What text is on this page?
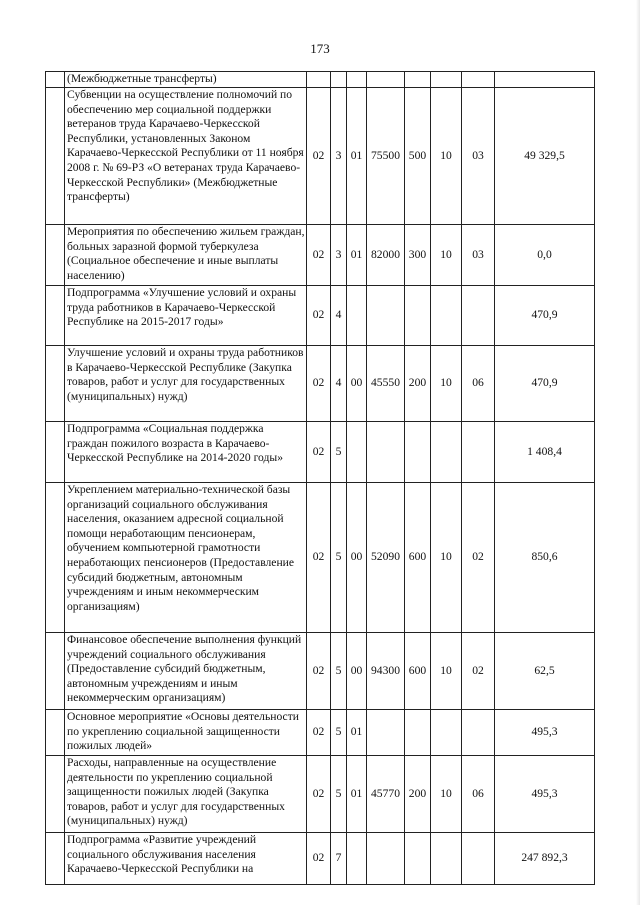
173
	(Межбюджетные трансферты)								
	Субвенции на осуществление полномочий по обеспечению мер социальной поддержки ветеранов труда Карачаево-Черкесской Республики, установленных Законом Карачаево-Черкесской Республики от 11 ноября 2008 г. № 69-РЗ «О ветеранах труда Карачаево-Черкесской Республики» (Межбюджетные трансферты)	02	3	01	75500	500	10	03	49 329,5
	Мероприятия по обеспечению жильем граждан, больных заразной формой туберкулеза (Социальное обеспечение и иные выплаты населению)	02	3	01	82000	300	10	03	0,0
	Подпрограмма «Улучшение условий и охраны труда работников в Карачаево-Черкесской Республике на 2015-2017 годы»	02	4						470,9
	Улучшение условий и охраны труда работников в Карачаево-Черкесской Республике (Закупка товаров, работ и услуг для государственных (муниципальных) нужд)	02	4	00	45550	200	10	06	470,9
	Подпрограмма «Социальная поддержка граждан пожилого возраста в Карачаево-Черкесской Республике на 2014-2020 годы»	02	5						1 408,4
	Укреплением материально-технической базы организаций социального обслуживания населения, оказанием адресной социальной помощи неработающим пенсионерам, обучением компьютерной грамотности неработающих пенсионеров (Предоставление субсидий бюджетным, автономным учреждениям и иным некоммерческим организациям)	02	5	00	52090	600	10	02	850,6
	Финансовое обеспечение выполнения функций учреждений социального обслуживания (Предоставление субсидий бюджетным, автономным учреждениям и иным некоммерческим организациям)	02	5	00	94300	600	10	02	62,5
	Основное мероприятие «Основы деятельности по укреплению социальной защищенности пожилых людей»	02	5	01					495,3
	Расходы, направленные на осуществление деятельности по укреплению социальной защищенности пожилых людей (Закупка товаров, работ и услуг для государственных (муниципальных) нужд)	02	5	01	45770	200	10	06	495,3
	Подпрограмма «Развитие учреждений социального обслуживания населения Карачаево-Черкесской Республики на	02	7						247 892,3
